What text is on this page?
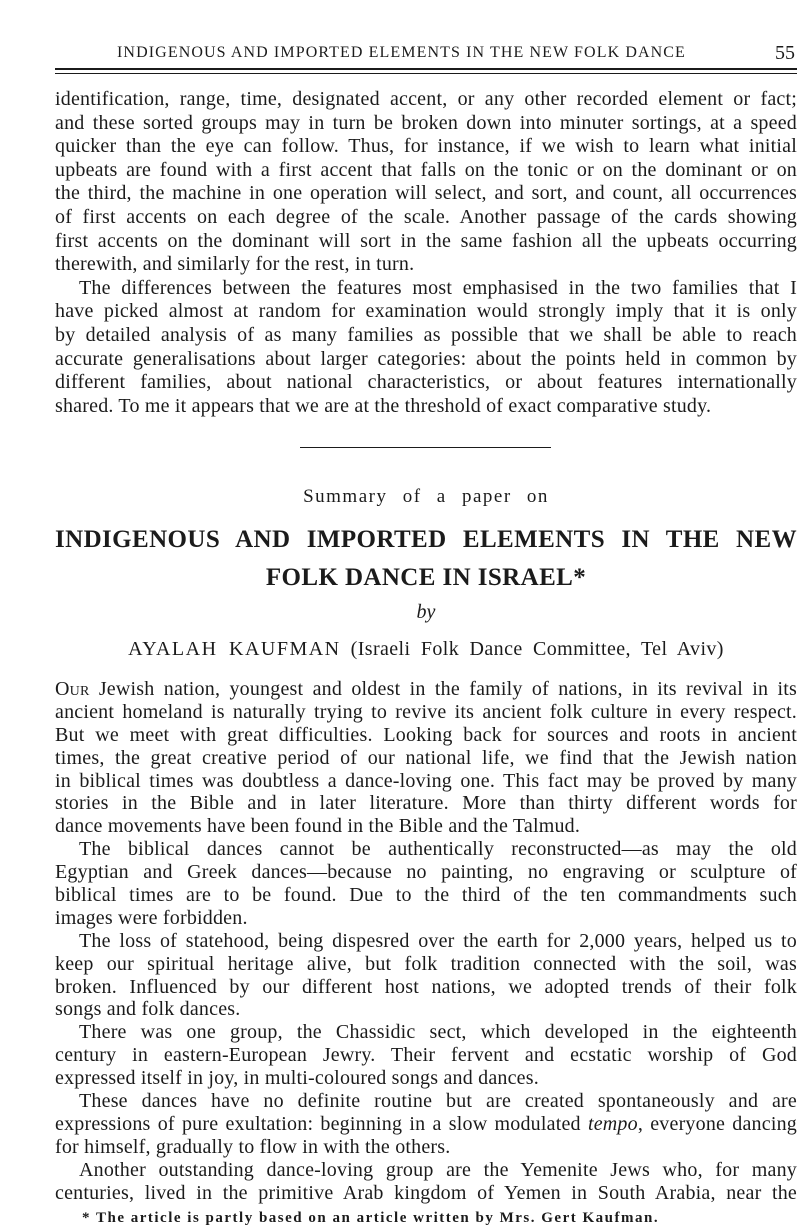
INDIGENOUS AND IMPORTED ELEMENTS IN THE NEW FOLK DANCE	55
identification, range, time, designated accent, or any other recorded element or fact;
and these sorted groups may in turn be broken down into minuter sortings, at a speed
quicker than the eye can follow. Thus, for instance, if we wish to learn what initial
upbeats are found with a first accent that falls on the tonic or on the dominant or on
the third, the machine in one operation will select, and sort, and count, all occurrences
of first accents on each degree of the scale. Another passage of the cards showing
first accents on the dominant will sort in the same fashion all the upbeats occurring
therewith, and similarly for the rest, in turn.
The differences between the features most emphasised in the two families that I
have picked almost at random for examination would strongly imply that it is only
by detailed analysis of as many families as possible that we shall be able to reach
accurate generalisations about larger categories: about the points held in common by
different families, about national characteristics, or about features internationally
shared. To me it appears that we are at the threshold of exact comparative study.
Summary of a paper on
INDIGENOUS AND IMPORTED ELEMENTS IN THE NEW
FOLK DANCE IN ISRAEL*
by
AYALAH KAUFMAN (Israeli Folk Dance Committee, Tel Aviv)
Our Jewish nation, youngest and oldest in the family of nations, in its revival in its
ancient homeland is naturally trying to revive its ancient folk culture in every respect.
But we meet with great difficulties. Looking back for sources and roots in ancient
times, the great creative period of our national life, we find that the Jewish nation
in biblical times was doubtless a dance-loving one. This fact may be proved by many
stories in the Bible and in later literature. More than thirty different words for
dance movements have been found in the Bible and the Talmud.
The biblical dances cannot be authentically reconstructed—as may the old
Egyptian and Greek dances—because no painting, no engraving or sculpture of
biblical times are to be found. Due to the third of the ten commandments such
images were forbidden.
The loss of statehood, being dispesred over the earth for 2,000 years, helped us to
keep our spiritual heritage alive, but folk tradition connected with the soil, was
broken. Influenced by our different host nations, we adopted trends of their folk
songs and folk dances.
There was one group, the Chassidic sect, which developed in the eighteenth
century in eastern-European Jewry. Their fervent and ecstatic worship of God
expressed itself in joy, in multi-coloured songs and dances.
These dances have no definite routine but are created spontaneously and are
expressions of pure exultation: beginning in a slow modulated tempo, everyone dancing
for himself, gradually to flow in with the others.
Another outstanding dance-loving group are the Yemenite Jews who, for many
centuries, lived in the primitive Arab kingdom of Yemen in South Arabia, near the
* The article is partly based on an article written by Mrs. Gert Kaufman.
